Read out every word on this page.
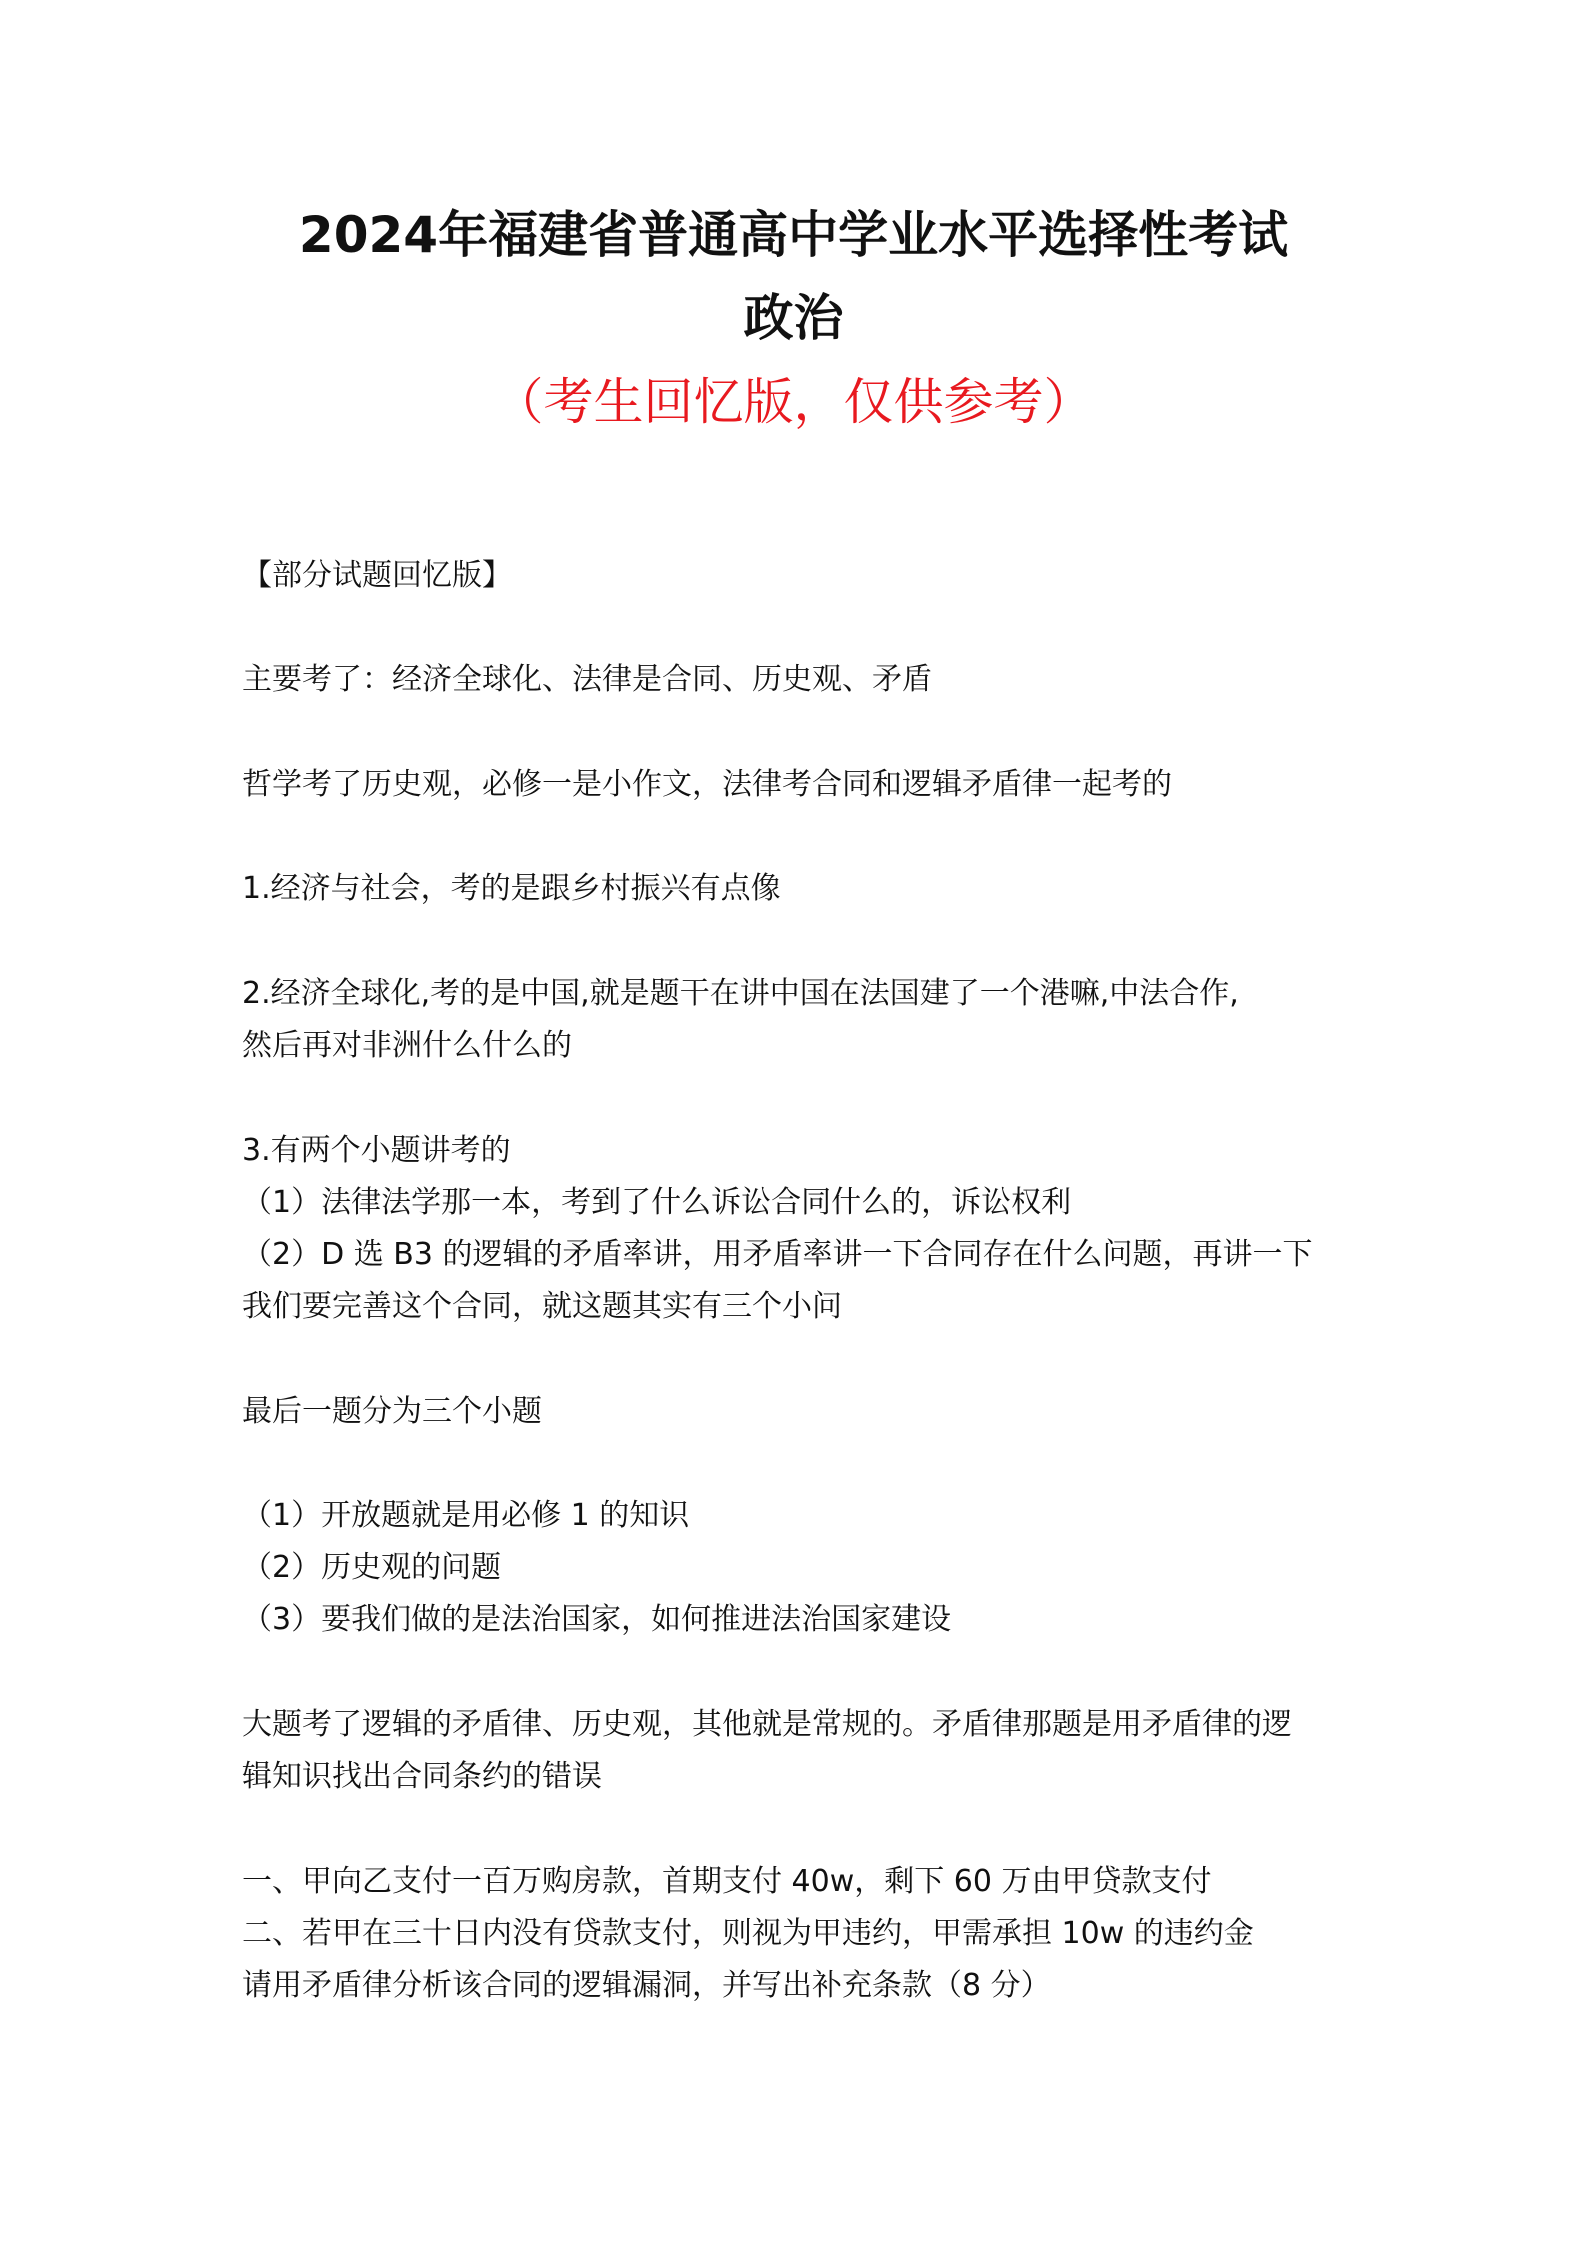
2024年福建省普通高中学业水平选择性考试
政治
（考生回忆版，仅供参考）

【部分试题回忆版】

主要考了：经济全球化、法律是合同、历史观、矛盾

哲学考了历史观，必修一是小作文，法律考合同和逻辑矛盾律一起考的

1.经济与社会，考的是跟乡村振兴有点像

2.经济全球化,考的是中国,就是题干在讲中国在法国建了一个港嘛,中法合作,

然后再对非洲什么什么的

3.有两个小题讲考的

（1）法律法学那一本，考到了什么诉讼合同什么的，诉讼权利

（2）D 选 B3 的逻辑的矛盾率讲，用矛盾率讲一下合同存在什么问题，再讲一下

我们要完善这个合同，就这题其实有三个小问

最后一题分为三个小题

（1）开放题就是用必修 1 的知识

（2）历史观的问题

（3）要我们做的是法治国家，如何推进法治国家建设

大题考了逻辑的矛盾律、历史观，其他就是常规的。矛盾律那题是用矛盾律的逻

辑知识找出合同条约的错误

一、甲向乙支付一百万购房款，首期支付 40w，剩下 60 万由甲贷款支付

二、若甲在三十日内没有贷款支付，则视为甲违约，甲需承担 10w 的违约金

请用矛盾律分析该合同的逻辑漏洞，并写出补充条款（8 分）
